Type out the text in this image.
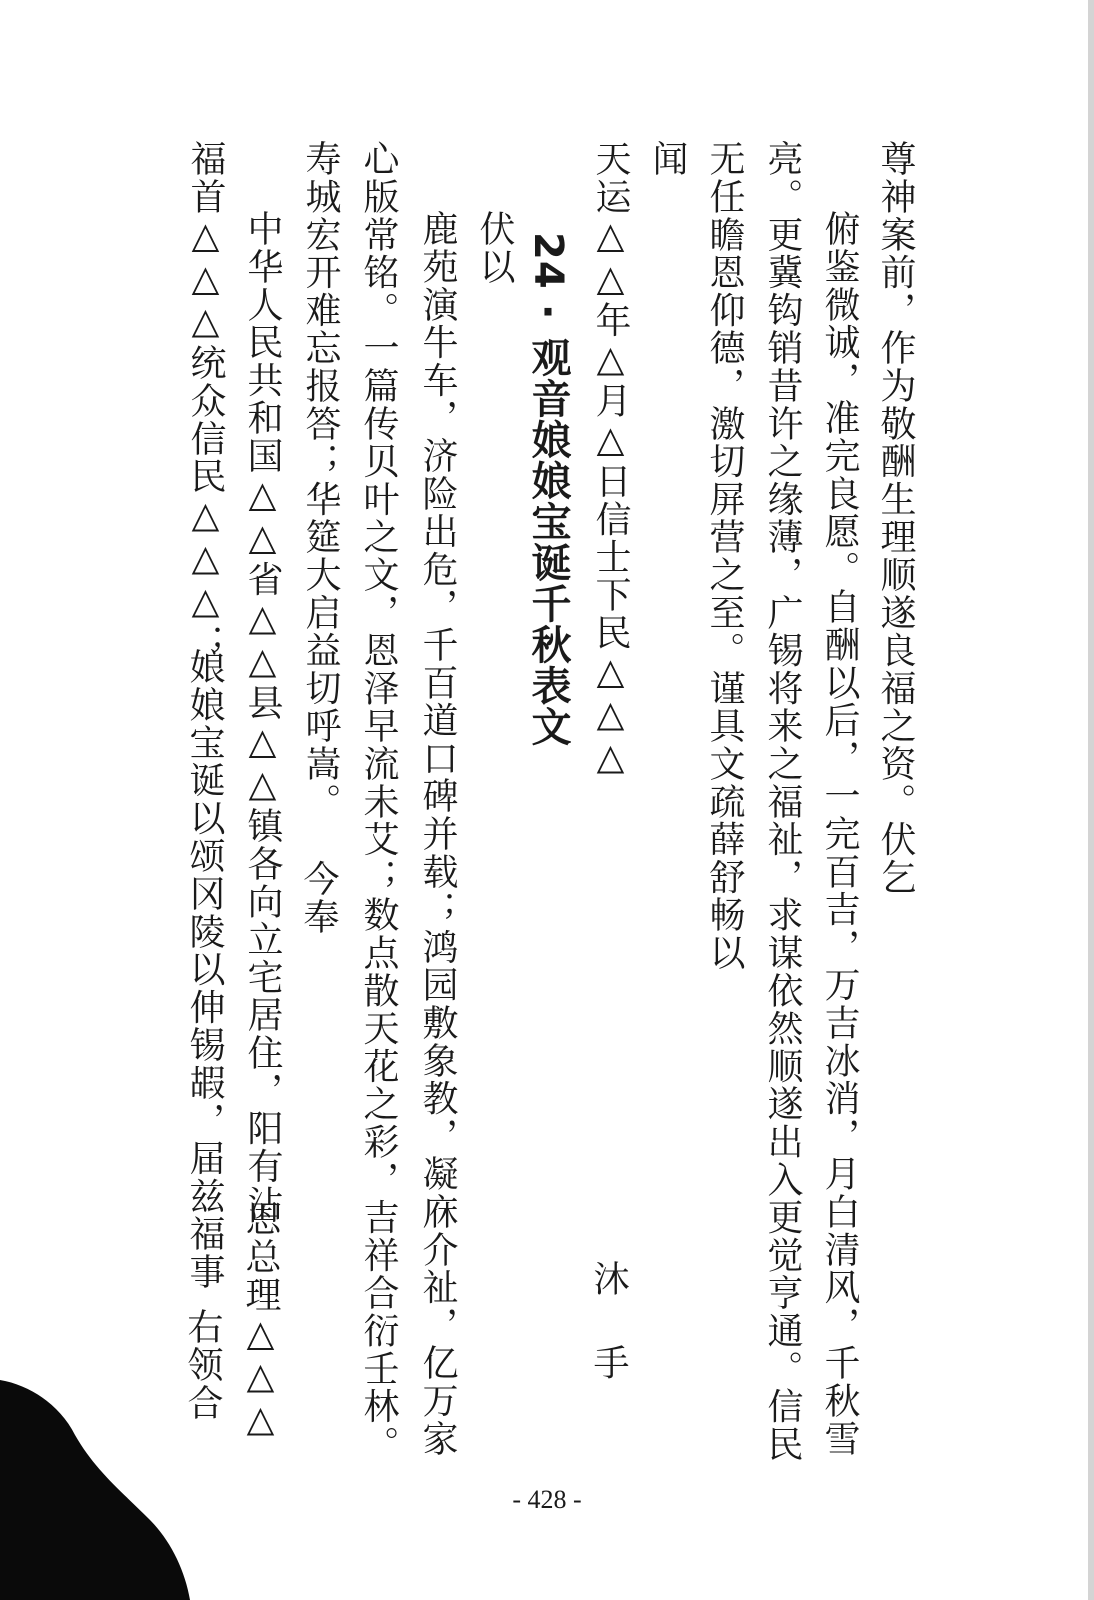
尊神案前，作为敬酬生理顺遂良福之资。伏乞
俯鉴微诚，准完良愿。自酬以后，一完百吉，万吉冰消，月白清风，千秋雪
亮。更冀钩销昔许之缘薄，广锡将来之福祉，求谋依然顺遂出入更觉亨通。信民
无任瞻恩仰德，激切屏营之至。谨具文疏薛舒畅以
闻
天运△△年△月△日信士下民△△△
沐手
24·观音娘娘宝诞千秋表文
伏以
鹿苑演牛车，济险出危，千百道口碑并载；鸿园敷象教，凝庥介祉，亿万家
心版常铭。一篇传贝叶之文，恩泽早流未艾；数点散天花之彩，吉祥合衍壬林。
寿城宏开难忘报答；华筵大启益切呼嵩。
今奉
中华人民共和国△△省△△县△△镇各向立宅居住，阳有沾
恩总理△△△
福首△△△统众信民△△△；
娘娘宝诞以颂冈陵以伸锡嘏，届兹福事
右领合
- 428 -
